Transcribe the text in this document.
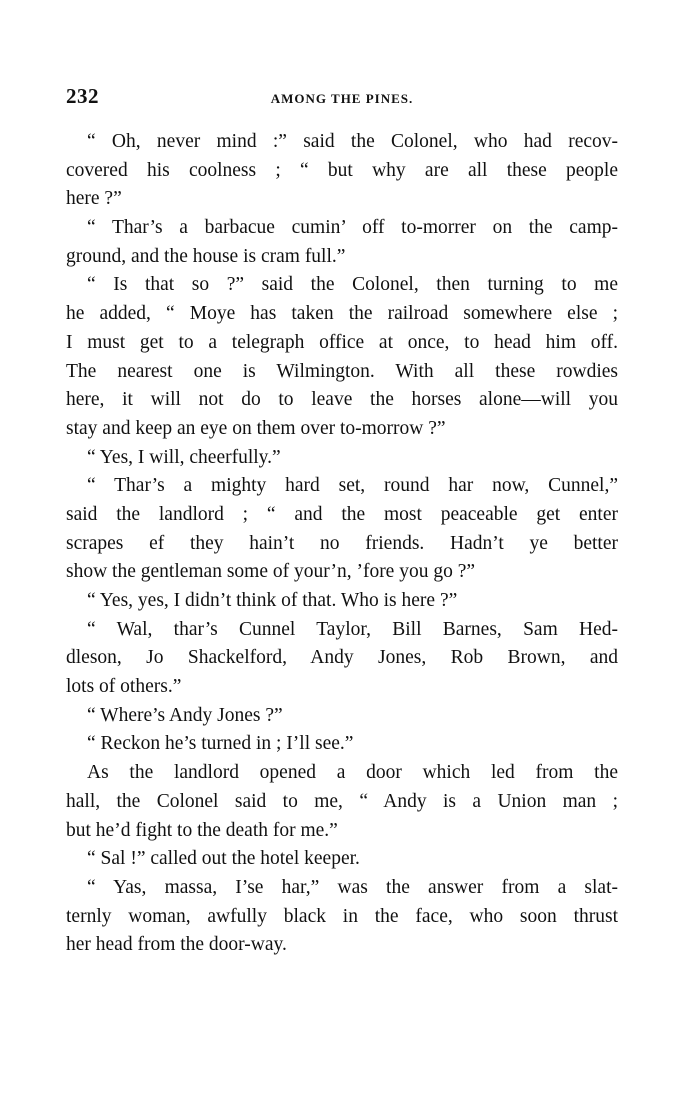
232	AMONG THE PINES.
“ Oh, never mind :” said the Colonel, who had recov-
covered his coolness ; “ but why are all these people
here ?”
“ Thar’s a barbacue cumin’ off to-morrer on the camp-
ground, and the house is cram full.”
“ Is that so ?” said the Colonel, then turning to me
he added, “ Moye has taken the railroad somewhere else ;
I must get to a telegraph office at once, to head him off.
The nearest one is Wilmington. With all these rowdies
here, it will not do to leave the horses alone—will you
stay and keep an eye on them over to-morrow ?”
“ Yes, I will, cheerfully.”
“ Thar’s a mighty hard set, round har now, Cunnel,”
said the landlord ; “ and the most peaceable get enter
scrapes ef they hain’t no friends. Hadn’t ye better
show the gentleman some of your’n, ’fore you go ?”
“ Yes, yes, I didn’t think of that. Who is here ?”
“ Wal, thar’s Cunnel Taylor, Bill Barnes, Sam Hed-
dleson, Jo Shackelford, Andy Jones, Rob Brown, and
lots of others.”
“ Where’s Andy Jones ?”
“ Reckon he’s turned in ; I’ll see.”
As the landlord opened a door which led from the
hall, the Colonel said to me, “ Andy is a Union man ;
but he’d fight to the death for me.”
“ Sal !” called out the hotel keeper.
“ Yas, massa, I’se har,” was the answer from a slat-
ternly woman, awfully black in the face, who soon thrust
her head from the door-way.
